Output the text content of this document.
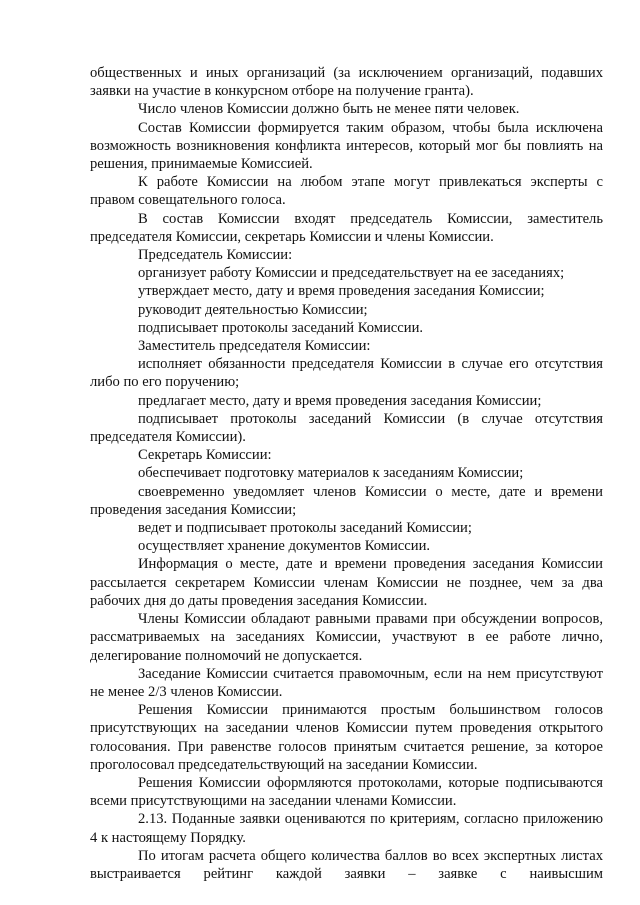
общественных и иных организаций (за исключением организаций, подавших заявки на участие в конкурсном отборе на получение гранта).

Число членов Комиссии должно быть не менее пяти человек.

Состав Комиссии формируется таким образом, чтобы была исключена возможность возникновения конфликта интересов, который мог бы повлиять на решения, принимаемые Комиссией.

К работе Комиссии на любом этапе могут привлекаться эксперты с правом совещательного голоса.

В состав Комиссии входят председатель Комиссии, заместитель председателя Комиссии, секретарь Комиссии и члены Комиссии.

Председатель Комиссии:

организует работу Комиссии и председательствует на ее заседаниях;

утверждает место, дату и время проведения заседания Комиссии;

руководит деятельностью Комиссии;

подписывает протоколы заседаний Комиссии.

Заместитель председателя Комиссии:

исполняет обязанности председателя Комиссии в случае его отсутствия либо по его поручению;

предлагает место, дату и время проведения заседания Комиссии;

подписывает протоколы заседаний Комиссии (в случае отсутствия председателя Комиссии).

Секретарь Комиссии:

обеспечивает подготовку материалов к заседаниям Комиссии;

своевременно уведомляет членов Комиссии о месте, дате и времени проведения заседания Комиссии;

ведет и подписывает протоколы заседаний Комиссии;

осуществляет хранение документов Комиссии.

Информация о месте, дате и времени проведения заседания Комиссии рассылается секретарем Комиссии членам Комиссии не позднее, чем за два рабочих дня до даты проведения заседания Комиссии.

Члены Комиссии обладают равными правами при обсуждении вопросов, рассматриваемых на заседаниях Комиссии, участвуют в ее работе лично, делегирование полномочий не допускается.

Заседание Комиссии считается правомочным, если на нем присутствуют не менее 2/3 членов Комиссии.

Решения Комиссии принимаются простым большинством голосов присутствующих на заседании членов Комиссии путем проведения открытого голосования. При равенстве голосов принятым считается решение, за которое проголосовал председательствующий на заседании Комиссии.

Решения Комиссии оформляются протоколами, которые подписываются всеми присутствующими на заседании членами Комиссии.

2.13. Поданные заявки оцениваются по критериям, согласно приложению 4 к настоящему Порядку.

По итогам расчета общего количества баллов во всех экспертных листах выстраивается рейтинг каждой заявки – заявке с наивысшим
